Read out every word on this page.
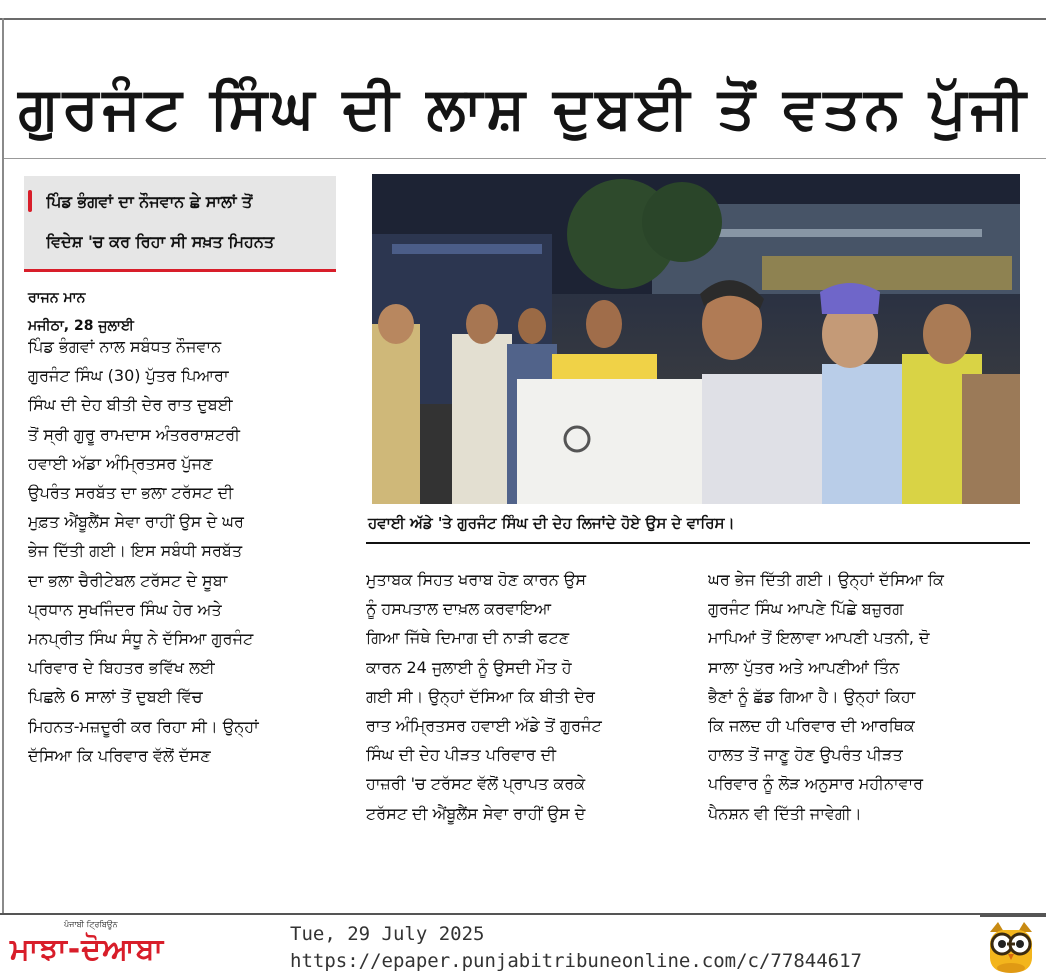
ਗੁਰਜੰਟ ਸਿੰਘ ਦੀ ਲਾਸ਼ ਦੁਬਈ ਤੋਂ ਵਤਨ ਪੁੱਜੀ

ਪਿੰਡ ਭੰਗਵਾਂ ਦਾ ਨੌਜਵਾਨ ਛੇ ਸਾਲਾਂ ਤੋਂ

ਵਿਦੇਸ਼ 'ਚ ਕਰ ਰਿਹਾ ਸੀ ਸਖ਼ਤ ਮਿਹਨਤ

ਰਾਜਨ ਮਾਨ
ਮਜੀਠਾ, 28 ਜੁਲਾਈ

ਪਿੰਡ ਭੰਗਵਾਂ ਨਾਲ ਸਬੰਧਤ ਨੌਜਵਾਨ

ਗੁਰਜੰਟ ਸਿੰਘ (30) ਪੁੱਤਰ ਪਿਆਰਾ

ਸਿੰਘ ਦੀ ਦੇਹ ਬੀਤੀ ਦੇਰ ਰਾਤ ਦੁਬਈ

ਤੋਂ ਸ੍ਰੀ ਗੁਰੂ ਰਾਮਦਾਸ ਅੰਤਰਰਾਸ਼ਟਰੀ

ਹਵਾਈ ਅੱਡਾ ਅੰਮ੍ਰਿਤਸਰ ਪੁੱਜਣ

ਉਪਰੰਤ ਸਰਬੱਤ ਦਾ ਭਲਾ ਟਰੱਸਟ ਦੀ

ਮੁਫ਼ਤ ਐਂਬੂਲੈਂਸ ਸੇਵਾ ਰਾਹੀਂ ਉਸ ਦੇ ਘਰ

ਭੇਜ ਦਿੱਤੀ ਗਈ। ਇਸ ਸਬੰਧੀ ਸਰਬੱਤ

ਦਾ ਭਲਾ ਚੈਰੀਟੇਬਲ ਟਰੱਸਟ ਦੇ ਸੂਬਾ

ਪ੍ਰਧਾਨ ਸੁਖਜਿੰਦਰ ਸਿੰਘ ਹੇਰ ਅਤੇ

ਮਨਪ੍ਰੀਤ ਸਿੰਘ ਸੰਧੂ ਨੇ ਦੱਸਿਆ ਗੁਰਜੰਟ

ਪਰਿਵਾਰ ਦੇ ਬਿਹਤਰ ਭਵਿੱਖ ਲਈ

ਪਿਛਲੇ 6 ਸਾਲਾਂ ਤੋਂ ਦੁਬਈ ਵਿੱਚ

ਮਿਹਨਤ-ਮਜ਼ਦੂਰੀ ਕਰ ਰਿਹਾ ਸੀ। ਉਨ੍ਹਾਂ

ਦੱਸਿਆ ਕਿ ਪਰਿਵਾਰ ਵੱਲੋਂ ਦੱਸਣ

ਮੁਤਾਬਕ ਸਿਹਤ ਖਰਾਬ ਹੋਣ ਕਾਰਨ ਉਸ

ਨੂੰ ਹਸਪਤਾਲ ਦਾਖ਼ਲ ਕਰਵਾਇਆ

ਗਿਆ ਜਿੱਥੇ ਦਿਮਾਗ ਦੀ ਨਾੜੀ ਫਟਣ

ਕਾਰਨ 24 ਜੁਲਾਈ ਨੂੰ ਉਸਦੀ ਮੌਤ ਹੋ

ਗਈ ਸੀ। ਉਨ੍ਹਾਂ ਦੱਸਿਆ ਕਿ ਬੀਤੀ ਦੇਰ

ਰਾਤ ਅੰਮ੍ਰਿਤਸਰ ਹਵਾਈ ਅੱਡੇ ਤੋਂ ਗੁਰਜੰਟ

ਸਿੰਘ ਦੀ ਦੇਹ ਪੀੜਤ ਪਰਿਵਾਰ ਦੀ

ਹਾਜ਼ਰੀ 'ਚ ਟਰੱਸਟ ਵੱਲੋਂ ਪ੍ਰਾਪਤ ਕਰਕੇ

ਟਰੱਸਟ ਦੀ ਐਂਬੂਲੈਂਸ ਸੇਵਾ ਰਾਹੀਂ ਉਸ ਦੇ

ਘਰ ਭੇਜ ਦਿੱਤੀ ਗਈ। ਉਨ੍ਹਾਂ ਦੱਸਿਆ ਕਿ

ਗੁਰਜੰਟ ਸਿੰਘ ਆਪਣੇ ਪਿੱਛੇ ਬਜ਼ੁਰਗ

ਮਾਪਿਆਂ ਤੋਂ ਇਲਾਵਾ ਆਪਣੀ ਪਤਨੀ, ਦੋ

ਸਾਲਾ ਪੁੱਤਰ ਅਤੇ ਆਪਣੀਆਂ ਤਿੰਨ

ਭੈਣਾਂ ਨੂੰ ਛੱਡ ਗਿਆ ਹੈ। ਉਨ੍ਹਾਂ ਕਿਹਾ

ਕਿ ਜਲਦ ਹੀ ਪਰਿਵਾਰ ਦੀ ਆਰਥਿਕ

ਹਾਲਤ ਤੋਂ ਜਾਣੂ ਹੋਣ ਉਪਰੰਤ ਪੀੜਤ

ਪਰਿਵਾਰ ਨੂੰ ਲੋੜ ਅਨੁਸਾਰ ਮਹੀਨਾਵਾਰ

ਪੈਨਸ਼ਨ ਵੀ ਦਿੱਤੀ ਜਾਵੇਗੀ।

ਹਵਾਈ ਅੱਡੇ 'ਤੇ ਗੁਰਜੰਟ ਸਿੰਘ ਦੀ ਦੇਹ ਲਿਜਾਂਦੇ ਹੋਏ ਉਸ ਦੇ ਵਾਰਿਸ।
ਪੰਜਾਬੀ ਟ੍ਰਿਬਿਊਨ
ਮਾਝਾ-ਦੋਆਬਾ	Tue, 29 July 2025
https://epaper.punjabitribuneonline.com/c/77844617
